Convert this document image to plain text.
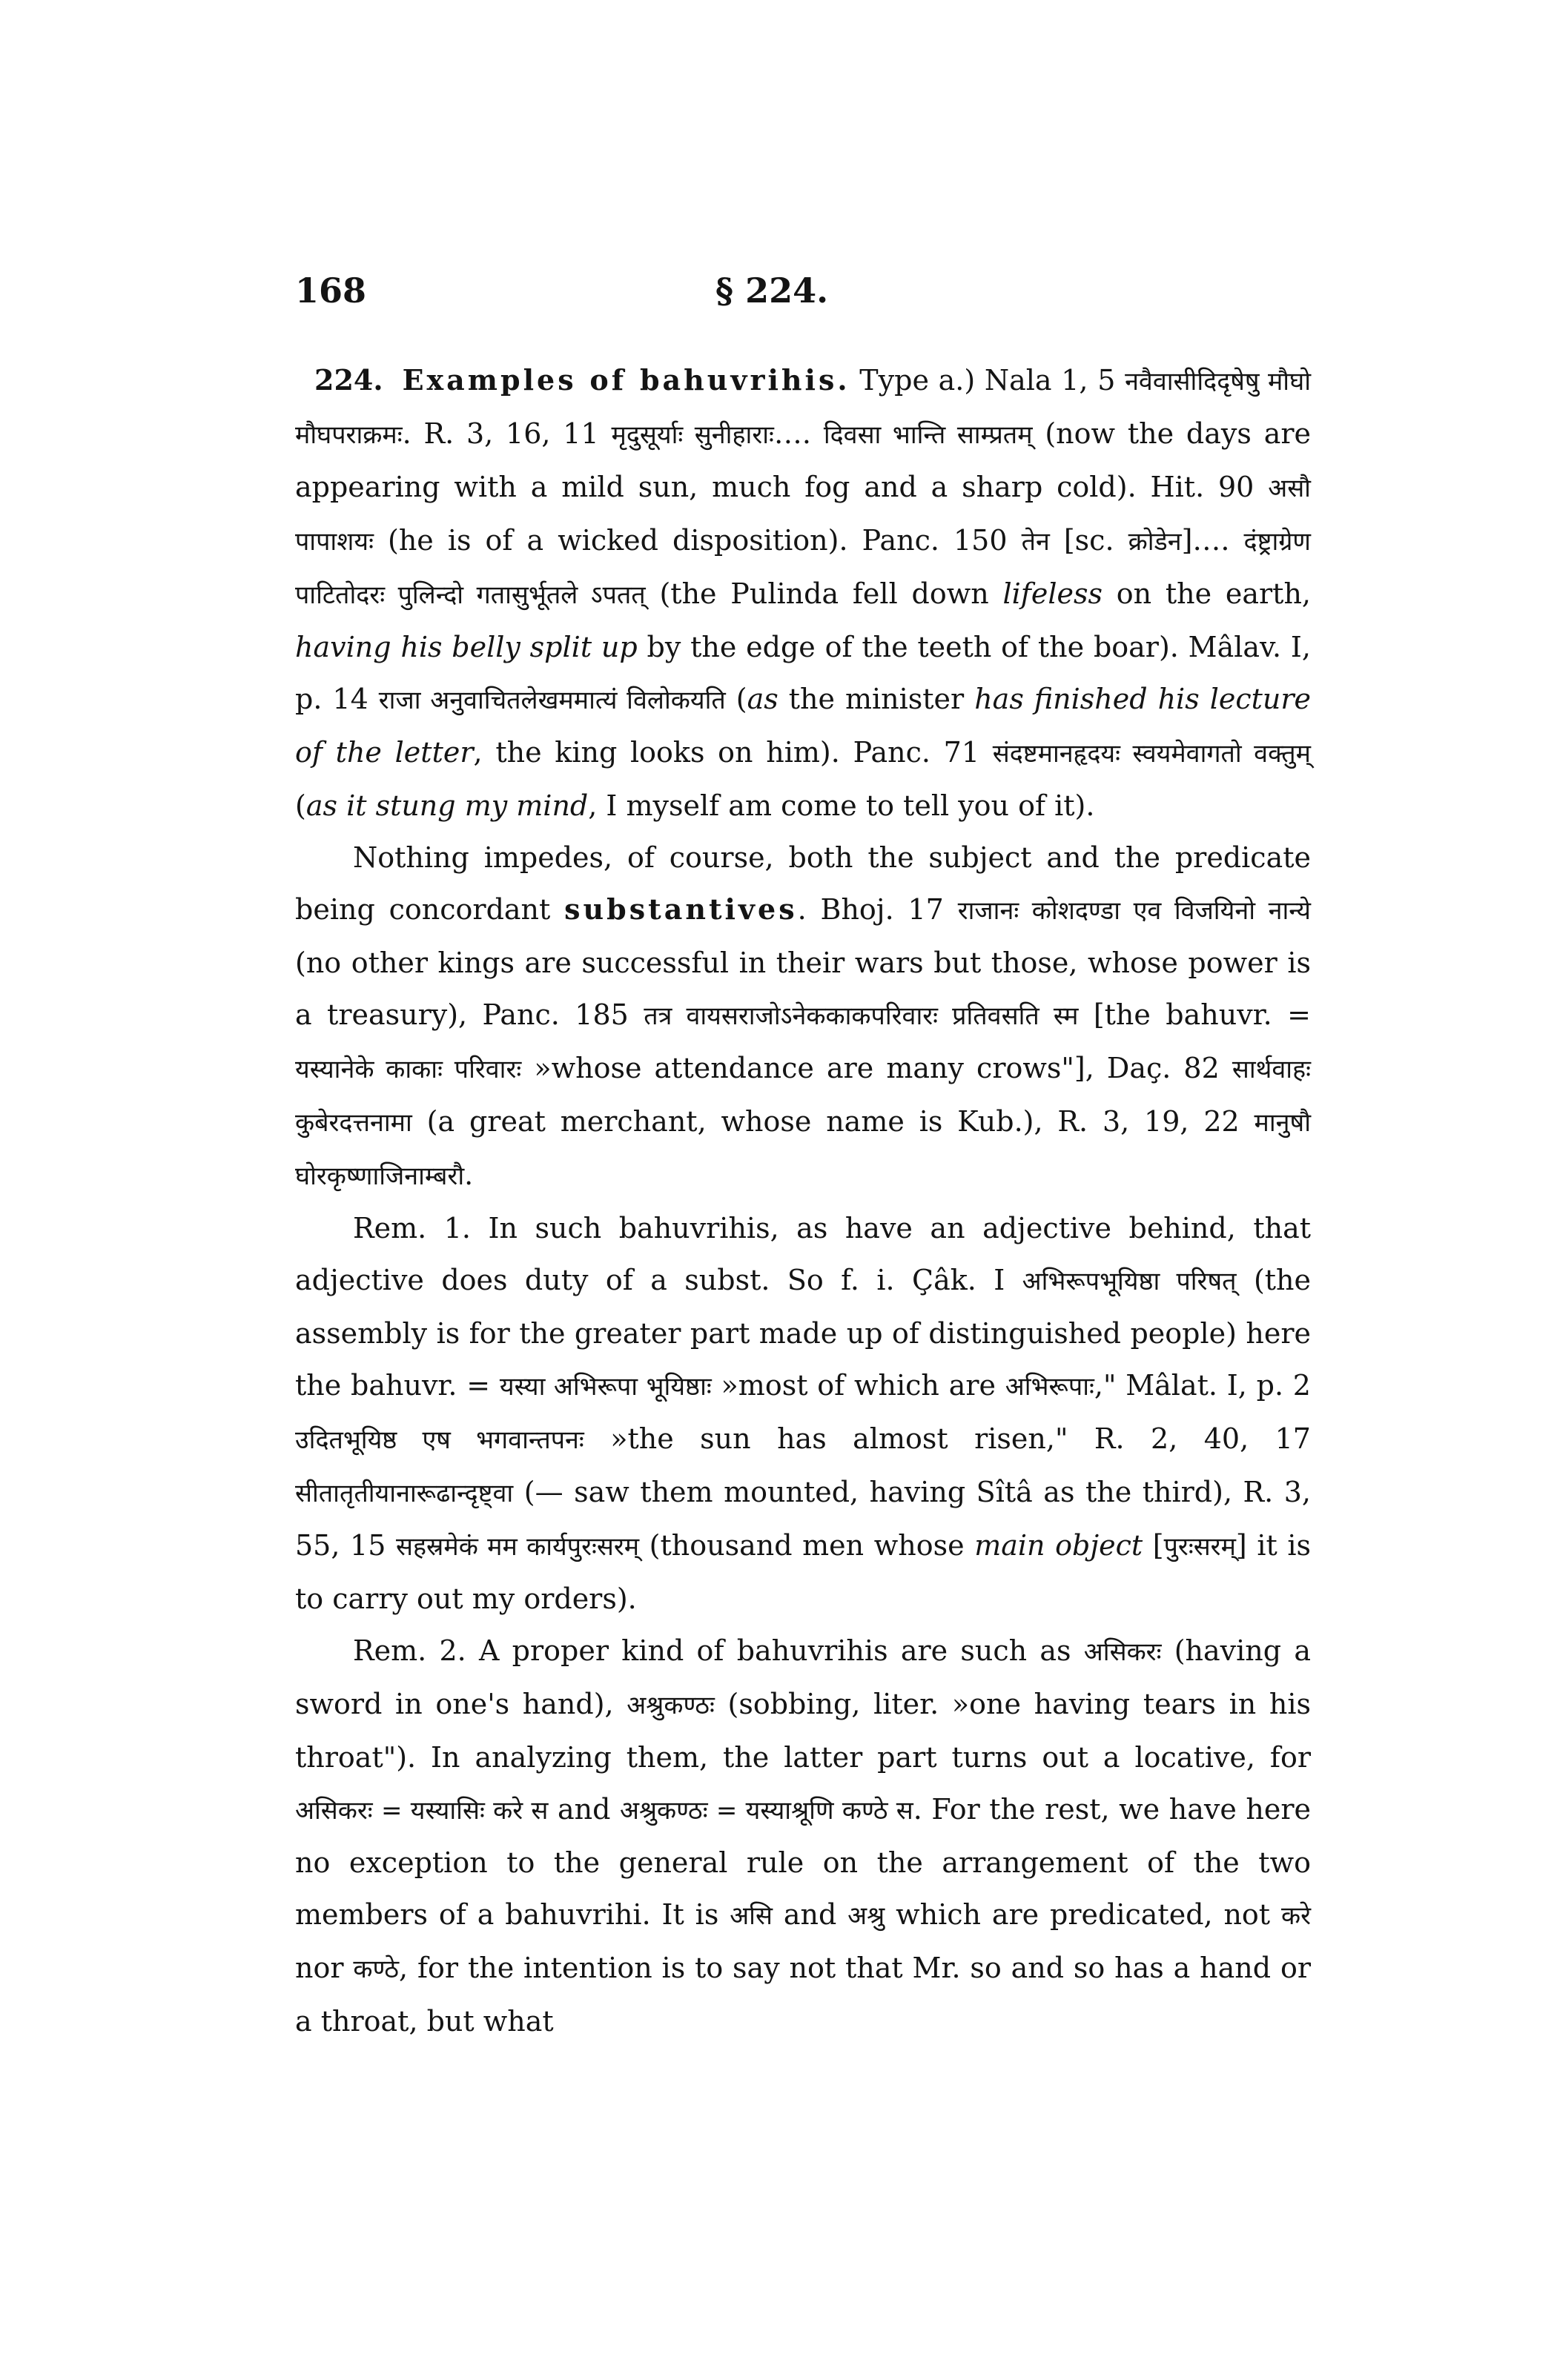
168	§ 224.

224. Examples of bahuvrihis. Type a.) Nala 1, 5 नवैवासीदिदृषेषु मौघो मौघपराक्रमः. R. 3, 16, 11 मृदुसूर्याः सुनीहाराः…. दिवसा भान्ति साम्प्रतम् (now the days are appearing with a mild sun, much fog and a sharp cold). Hit. 90 असौ पापाशयः (he is of a wicked disposition). Panc. 150 तेन [sc. क्रोडेन]…. दंष्ट्राग्रेण पाटितोदरः पुलिन्दो गतासुर्भूतले ऽपतत् (the Pulinda fell down lifeless on the earth, having his belly split up by the edge of the teeth of the boar). Mâlav. I, p. 14 राजा अनुवाचितलेखममात्यं विलोकयति (as the minister has finished his lecture of the letter, the king looks on him). Panc. 71 संदष्टमानहृदयः स्वयमेवागतो वक्तुम् (as it stung my mind, I myself am come to tell you of it).

Nothing impedes, of course, both the subject and the predicate being concordant substantives. Bhoj. 17 राजानः कोशदण्डा एव विजयिनो नान्ये (no other kings are successful in their wars but those, whose power is a treasury), Panc. 185 तत्र वायसराजोऽनेककाकपरिवारः प्रतिवसति स्म [the bahuvr. = यस्यानेके काकाः परिवारः »whose attendance are many crows"], Daç. 82 सार्थवाहः कुबेरदत्तनामा (a great merchant, whose name is Kub.), R. 3, 19, 22 मानुषौ घोरकृष्णाजिनाम्बरौ.

Rem. 1. In such bahuvrihis, as have an adjective behind, that adjective does duty of a subst. So f. i. Çâk. I अभिरूपभूयिष्ठा परिषत् (the assembly is for the greater part made up of distinguished people) here the bahuvr. = यस्या अभिरूपा भूयिष्ठाः »most of which are अभिरूपाः," Mâlat. I, p. 2 उदितभूयिष्ठ एष भगवान्तपनः »the sun has almost risen," R. 2, 40, 17 सीतातृतीयानारूढान्दृष्ट्वा (— saw them mounted, having Sîtâ as the third), R. 3, 55, 15 सहस्रमेकं मम कार्यपुरःसरम् (thousand men whose main object [पुरःसरम्] it is to carry out my orders).

Rem. 2. A proper kind of bahuvrihis are such as असिकरः (having a sword in one's hand), अश्रुकण्ठः (sobbing, liter. »one having tears in his throat"). In analyzing them, the latter part turns out a locative, for असिकरः = यस्यासिः करे स and अश्रुकण्ठः = यस्याश्रूणि कण्ठे स. For the rest, we have here no exception to the general rule on the arrangement of the two members of a bahuvrihi. It is असि and अश्रु which are predicated, not करे nor कण्ठे, for the intention is to say not that Mr. so and so has a hand or a throat, but what
